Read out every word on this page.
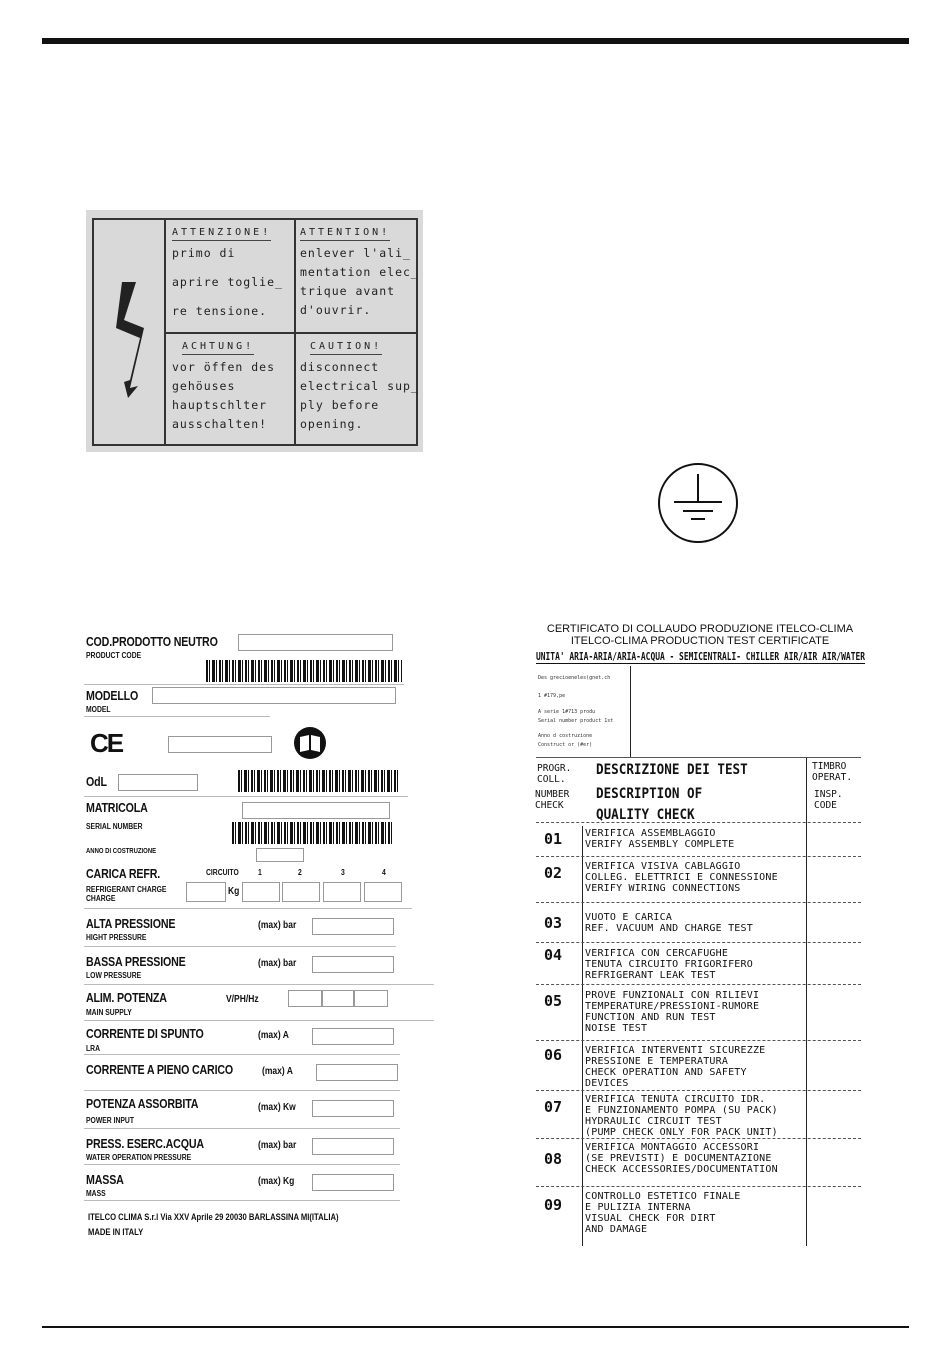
ATTENZIONE!
primo di
aprire toglie_
re tensione.
ATTENTION!
enlever l'ali_
mentation elec_
trique avant
d'ouvrir.
ACHTUNG!
vor öffen des
gehöuses
hauptschlter
ausschalten!
CAUTION!
disconnect
electrical sup_
ply before
opening.
COD.PRODOTTO NEUTRO
PRODUCT CODE
MODELLO
MODEL
CE
OdL
MATRICOLA
SERIAL NUMBER
ANNO DI COSTRUZIONE
CARICA REFR.	CIRCUITO 1	2	3	4
REFRIGERANT CHARGE
CHARGE
Kg
ALTA PRESSIONE
HIGHT PRESSURE
(max) bar
BASSA PRESSIONE
LOW PRESSURE
(max) bar
ALIM. POTENZA
MAIN SUPPLY
V/PH/Hz
CORRENTE DI SPUNTO
LRA
(max) A
CORRENTE A PIENO CARICO	(max) A
POTENZA ASSORBITA
POWER INPUT
(max) Kw
PRESS. ESERC.ACQUA
WATER OPERATION PRESSURE
(max) bar
MASSA
MASS
(max) Kg
ITELCO CLIMA S.r.l Via XXV Aprile 29 20030 BARLASSINA MI(ITALIA)
MADE IN ITALY
CERTIFICATO DI COLLAUDO PRODUZIONE ITELCO-CLIMA
ITELCO-CLIMA PRODUCTION TEST CERTIFICATE
UNITA' ARIA-ARIA/ARIA-ACQUA - SEMICENTRALI- CHILLER AIR/AIR AIR/WATER
Des grecioeneles(gnet.ch
1 #179,pe
A serie 1#713 produ
Serial number product 1st
Anno d costruzione
Construct or (#er)
PROGR.
COLL.
NUMBER
CHECK
DESCRIZIONE DEI TEST
DESCRIPTION OF
QUALITY CHECK
TIMBRO
OPERAT.
INSP.
CODE
01 VERIFICA ASSEMBLAGGIO
VERIFY ASSEMBLY COMPLETE
02 VERIFICA VISIVA CABLAGGIO
COLLEG. ELETTRICI E CONNESSIONE
VERIFY WIRING CONNECTIONS
03 VUOTO E CARICA
REF. VACUUM AND CHARGE TEST
04 VERIFICA CON CERCAFUGHE
TENUTA CIRCUITO FRIGORIFERO
REFRIGERANT LEAK TEST
05 PROVE FUNZIONALI CON RILIEVI
TEMPERATURE/PRESSIONI-RUMORE
FUNCTION AND RUN TEST
NOISE TEST
06 VERIFICA INTERVENTI SICUREZZE
PRESSIONE E TEMPERATURA
CHECK OPERATION AND SAFETY
DEVICES
07 VERIFICA TENUTA CIRCUITO IDR.
E FUNZIONAMENTO POMPA (SU PACK)
HYDRAULIC CIRCUIT TEST
(PUMP CHECK ONLY FOR PACK UNIT)
08
VERIFICA MONTAGGIO ACCESSORI
(SE PREVISTI) E DOCUMENTAZIONE
CHECK ACCESSORIES/DOCUMENTATION
09 CONTROLLO ESTETICO FINALE
E PULIZIA INTERNA
VISUAL CHECK FOR DIRT
AND DAMAGE
